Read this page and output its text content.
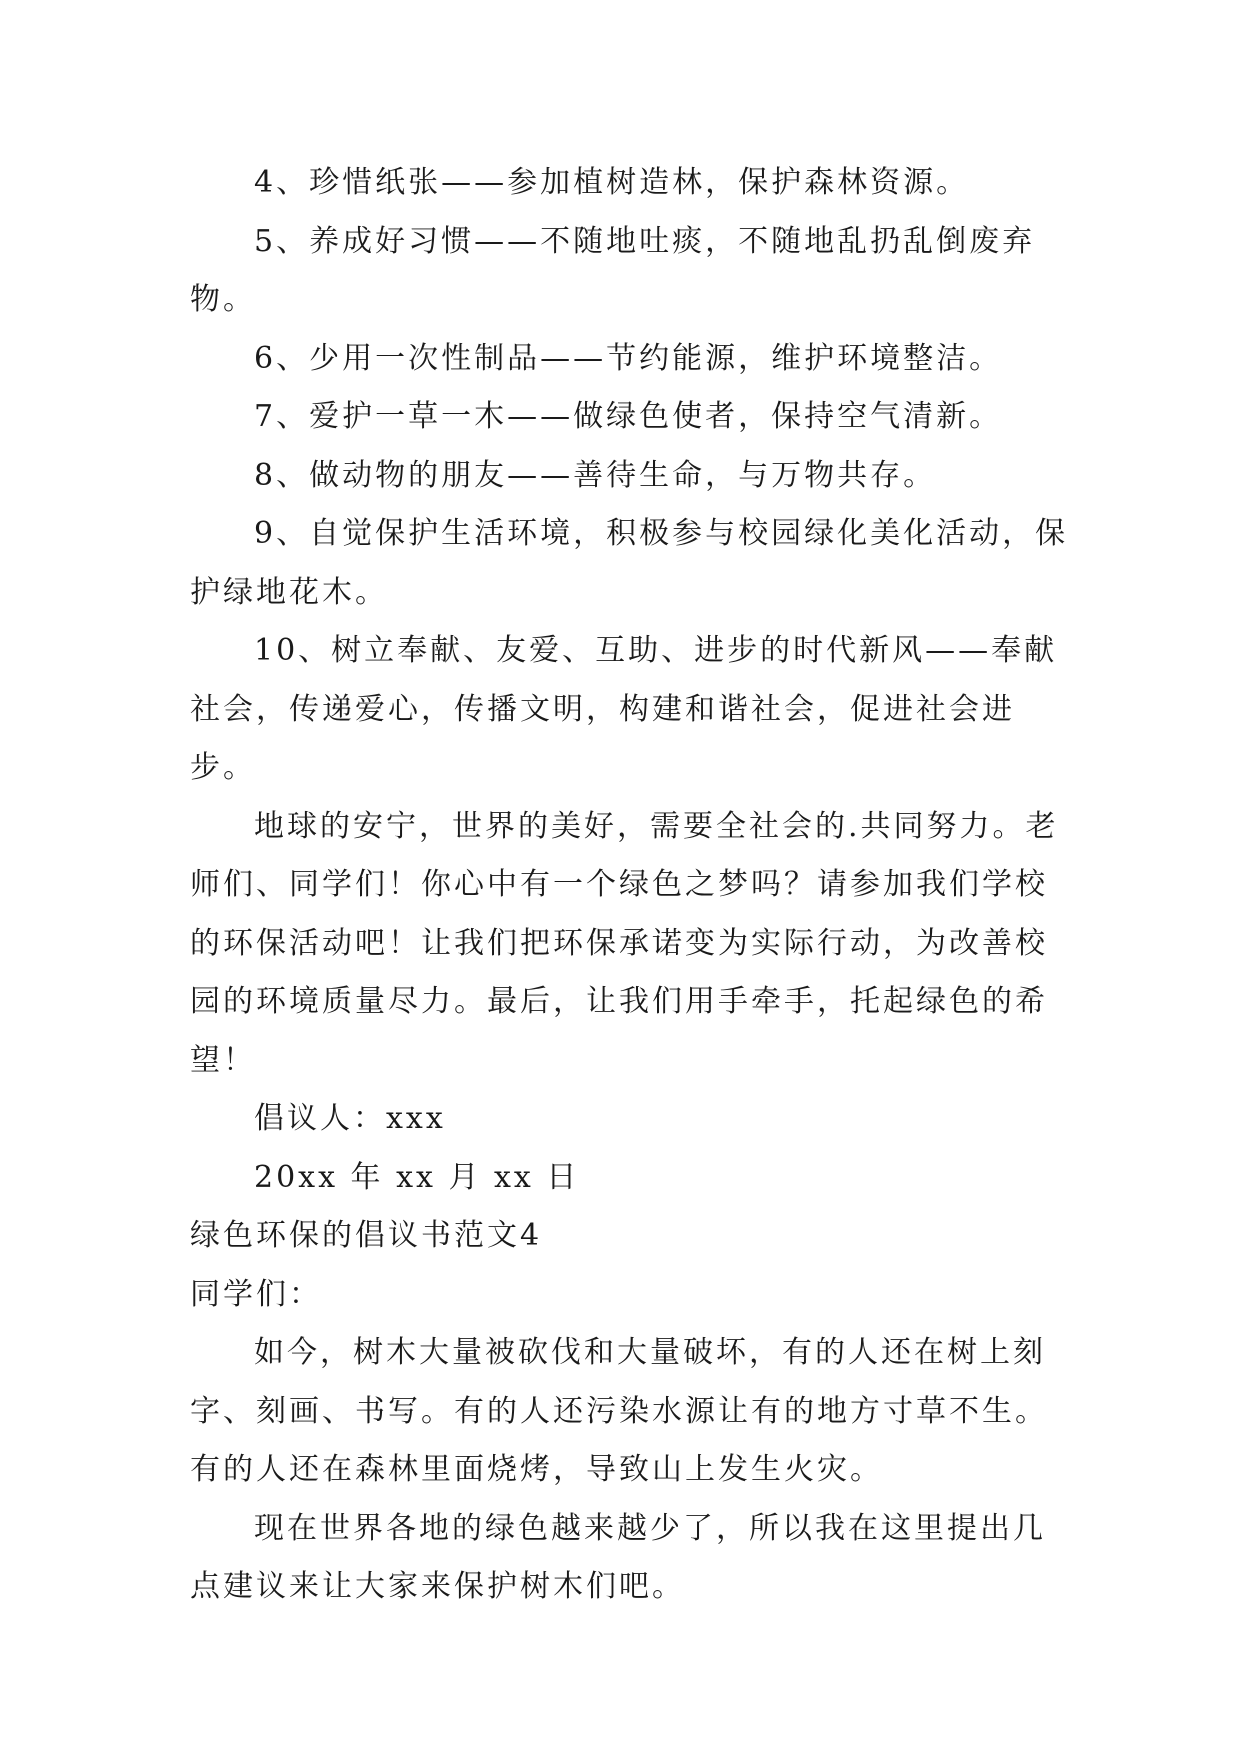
4、珍惜纸张——参加植树造林，保护森林资源。

5、养成好习惯——不随地吐痰，不随地乱扔乱倒废弃物。

6、少用一次性制品——节约能源，维护环境整洁。

7、爱护一草一木——做绿色使者，保持空气清新。

8、做动物的朋友——善待生命，与万物共存。

9、自觉保护生活环境，积极参与校园绿化美化活动，保护绿地花木。

10、树立奉献、友爱、互助、进步的时代新风——奉献社会，传递爱心，传播文明，构建和谐社会，促进社会进步。

地球的安宁，世界的美好，需要全社会的.共同努力。老师们、同学们！你心中有一个绿色之梦吗？请参加我们学校的环保活动吧！让我们把环保承诺变为实际行动，为改善校园的环境质量尽力。最后，让我们用手牵手，托起绿色的希望！

倡议人：xxx

20xx 年 xx 月 xx 日

绿色环保的倡议书范文4

同学们：

如今，树木大量被砍伐和大量破坏，有的人还在树上刻字、刻画、书写。有的人还污染水源让有的地方寸草不生。有的人还在森林里面烧烤，导致山上发生火灾。

现在世界各地的绿色越来越少了，所以我在这里提出几点建议来让大家来保护树木们吧。
